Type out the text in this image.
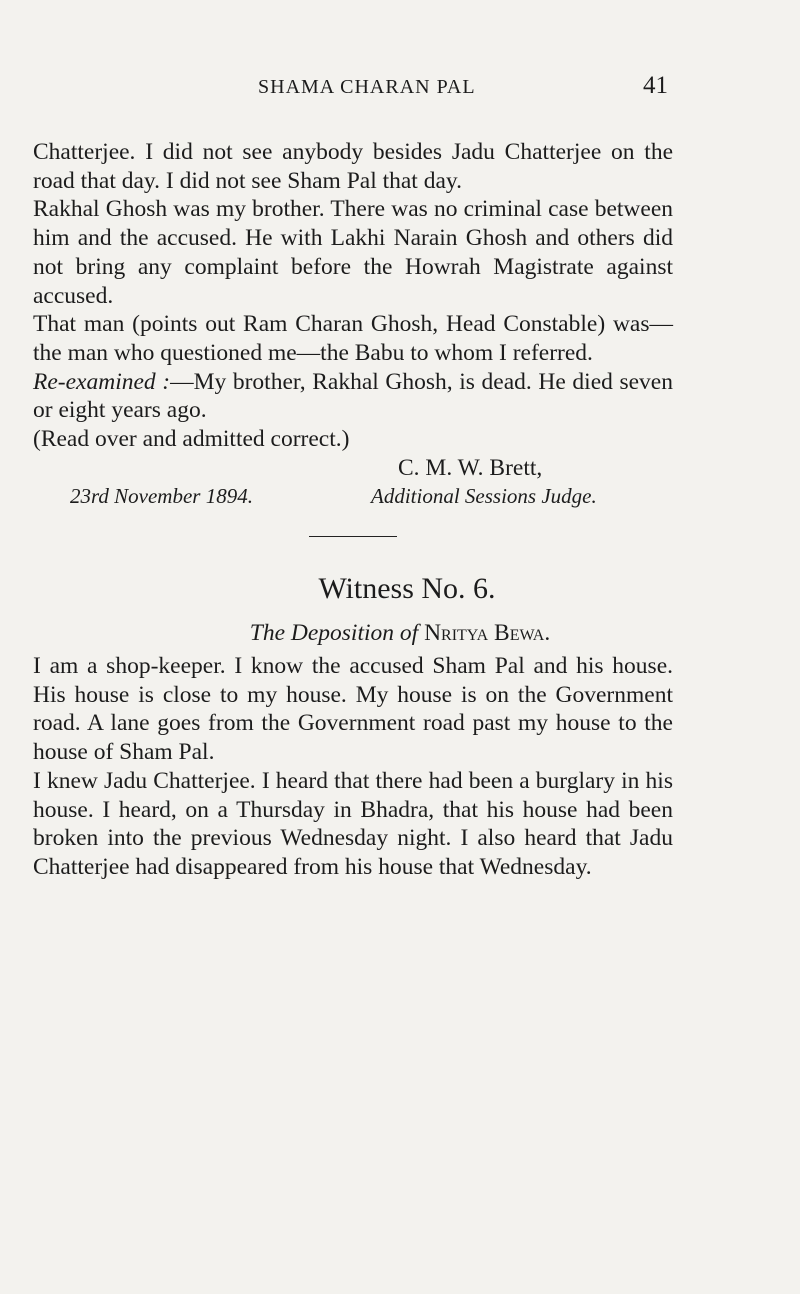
SHAMA CHARAN PAL	41

Chatterjee. I did not see anybody besides Jadu Chatterjee on the road that day. I did not see Sham Pal that day.

Rakhal Ghosh was my brother. There was no criminal case between him and the accused. He with Lakhi Narain Ghosh and others did not bring any complaint before the Howrah Magistrate against accused.

That man (points out Ram Charan Ghosh, Head Constable) was—the man who questioned me—the Babu to whom I referred.

Re-examined :—My brother, Rakhal Ghosh, is dead. He died seven or eight years ago.

(Read over and admitted correct.)

C. M. W. Brett,
23rd November 1894.	Additional Sessions Judge.
Witness No. 6.
The Deposition of Nritya Bewa.

I am a shop-keeper. I know the accused Sham Pal and his house. His house is close to my house. My house is on the Government road. A lane goes from the Government road past my house to the house of Sham Pal.

I knew Jadu Chatterjee. I heard that there had been a burglary in his house. I heard, on a Thursday in Bhadra, that his house had been broken into the previous Wednesday night. I also heard that Jadu Chatterjee had disappeared from his house that Wednesday.
